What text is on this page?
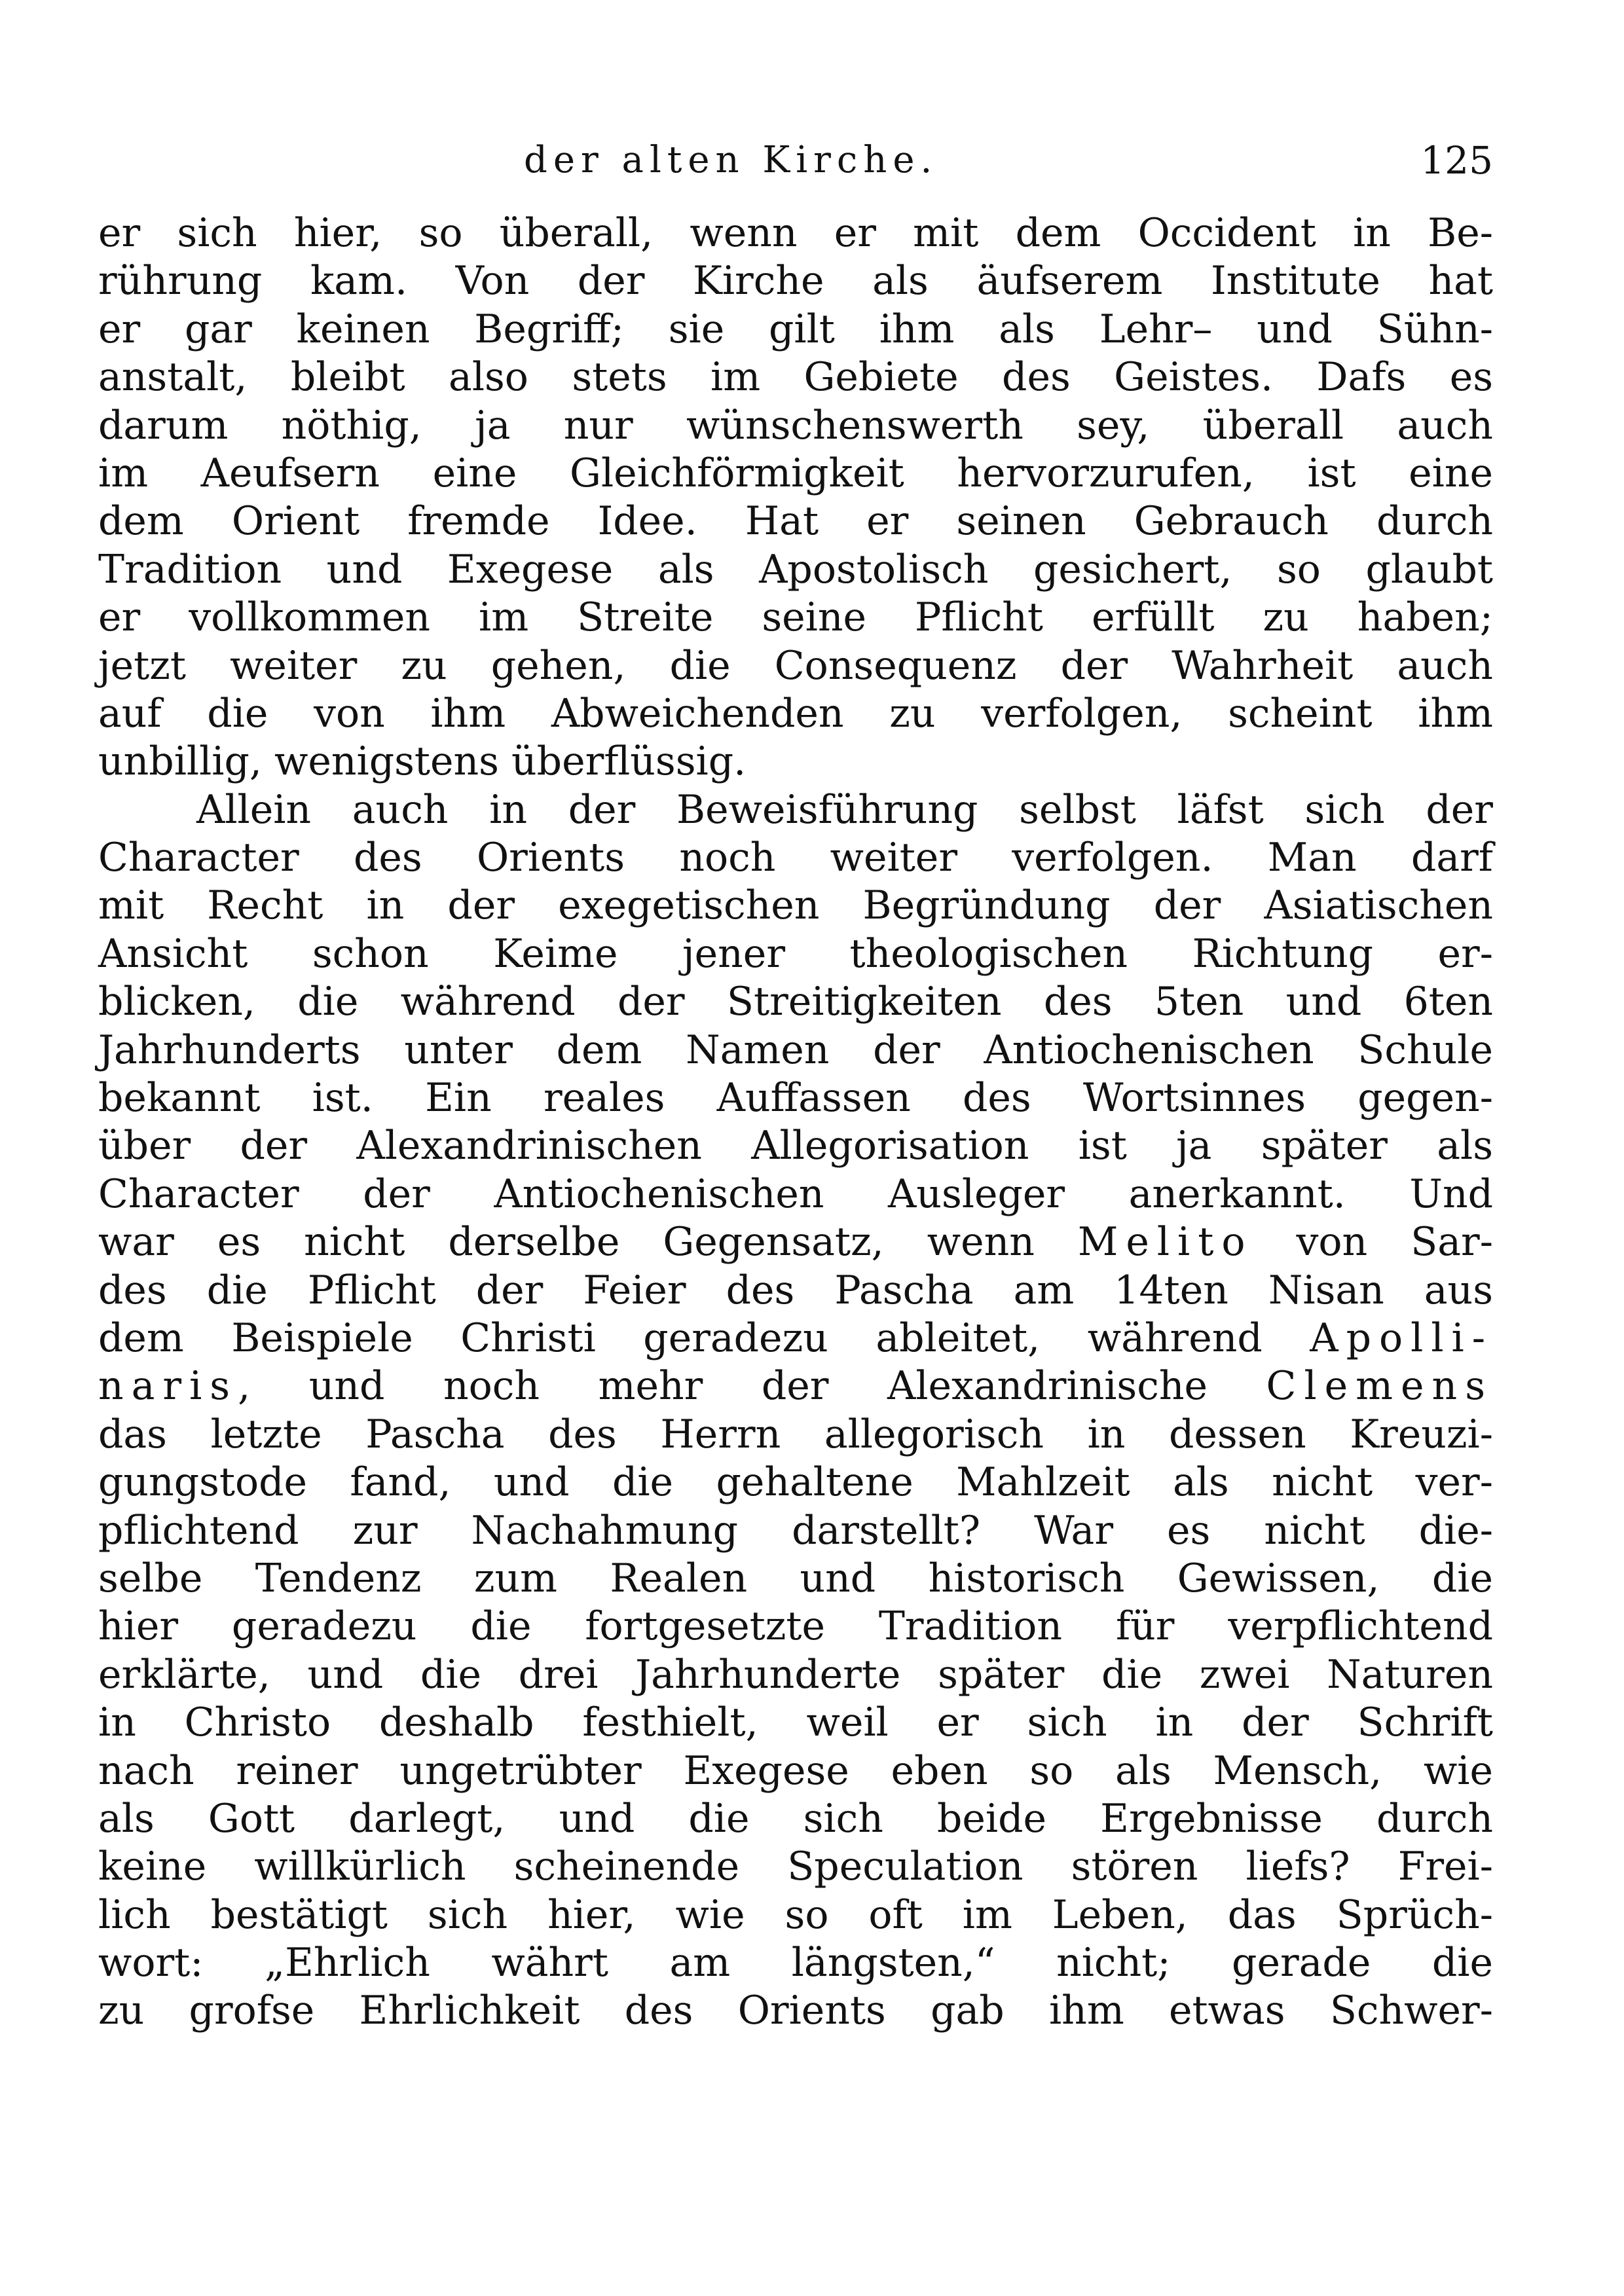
der alten Kirche.	125
er sich hier, so überall, wenn er mit dem Occident in Be-
rührung kam. Von der Kirche als äufserem Institute hat
er gar keinen Begriff; sie gilt ihm als Lehr– und Sühn-
anstalt, bleibt also stets im Gebiete des Geistes. Dafs es
darum nöthig, ja nur wünschenswerth sey, überall auch
im Aeufsern eine Gleichförmigkeit hervorzurufen, ist eine
dem Orient fremde Idee. Hat er seinen Gebrauch durch
Tradition und Exegese als Apostolisch gesichert, so glaubt
er vollkommen im Streite seine Pflicht erfüllt zu haben;
jetzt weiter zu gehen, die Consequenz der Wahrheit auch
auf die von ihm Abweichenden zu verfolgen, scheint ihm
unbillig, wenigstens überflüssig.
Allein auch in der Beweisführung selbst läfst sich der
Character des Orients noch weiter verfolgen. Man darf
mit Recht in der exegetischen Begründung der Asiatischen
Ansicht schon Keime jener theologischen Richtung er-
blicken, die während der Streitigkeiten des 5ten und 6ten
Jahrhunderts unter dem Namen der Antiochenischen Schule
bekannt ist. Ein reales Auffassen des Wortsinnes gegen-
über der Alexandrinischen Allegorisation ist ja später als
Character der Antiochenischen Ausleger anerkannt. Und
war es nicht derselbe Gegensatz, wenn Melito von Sar-
des die Pflicht der Feier des Pascha am 14ten Nisan aus
dem Beispiele Christi geradezu ableitet, während Apolli-
naris, und noch mehr der Alexandrinische Clemens
das letzte Pascha des Herrn allegorisch in dessen Kreuzi-
gungstode fand, und die gehaltene Mahlzeit als nicht ver-
pflichtend zur Nachahmung darstellt? War es nicht die-
selbe Tendenz zum Realen und historisch Gewissen, die
hier geradezu die fortgesetzte Tradition für verpflichtend
erklärte, und die drei Jahrhunderte später die zwei Naturen
in Christo deshalb festhielt, weil er sich in der Schrift
nach reiner ungetrübter Exegese eben so als Mensch, wie
als Gott darlegt, und die sich beide Ergebnisse durch
keine willkürlich scheinende Speculation stören liefs? Frei-
lich bestätigt sich hier, wie so oft im Leben, das Sprüch-
wort: „Ehrlich währt am längsten,“ nicht; gerade die
zu grofse Ehrlichkeit des Orients gab ihm etwas Schwer-
